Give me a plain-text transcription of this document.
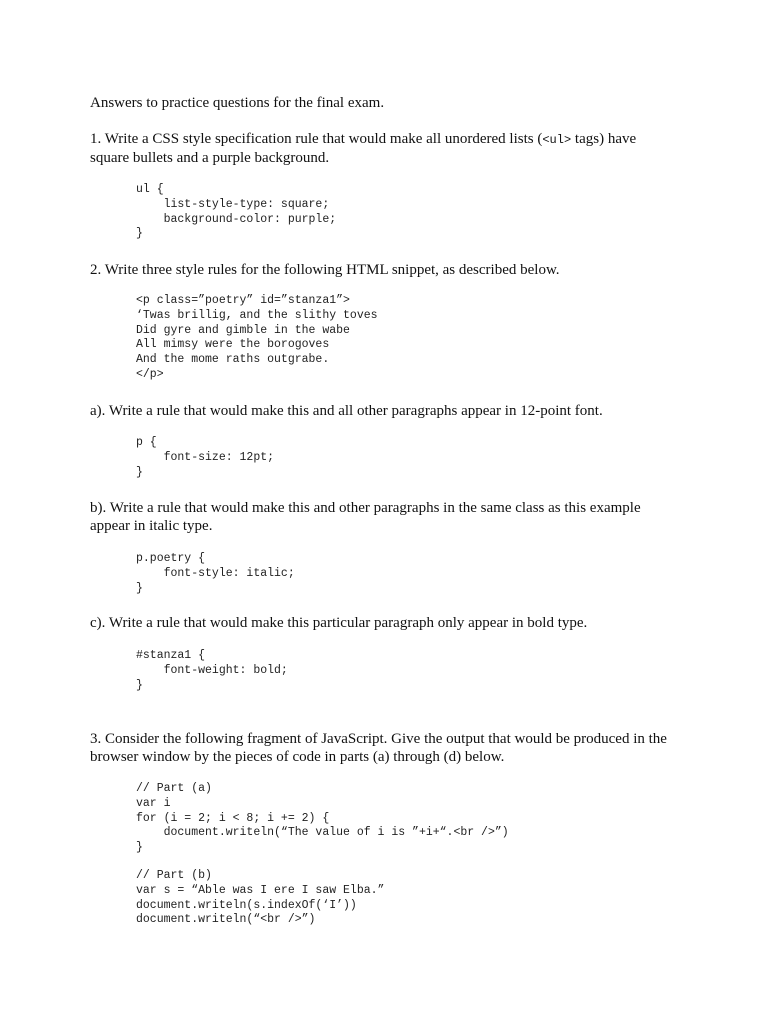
Answers to practice questions for the final exam.
1. Write a CSS style specification rule that would make all unordered lists (<ul> tags) have
square bullets and a purple background.
ul {
list-style-type: square;
background-color: purple;
}
2. Write three style rules for the following HTML snippet, as described below.
<p class=”poetry” id=”stanza1”>
‘Twas brillig, and the slithy toves
Did gyre and gimble in the wabe
All mimsy were the borogoves
And the mome raths outgrabe.
</p>
a). Write a rule that would make this and all other paragraphs appear in 12-point font.
p {
font-size: 12pt;
}
b). Write a rule that would make this and other paragraphs in the same class as this example
appear in italic type.
p.poetry {
font-style: italic;
}
c). Write a rule that would make this particular paragraph only appear in bold type.
#stanza1 {
font-weight: bold;
}
3. Consider the following fragment of JavaScript. Give the output that would be produced in the
browser window by the pieces of code in parts (a) through (d) below.
// Part (a)
var i
for (i = 2; i < 8; i += 2) {
document.writeln(“The value of i is ”+i+“.<br />”)
}
// Part (b)
var s = “Able was I ere I saw Elba.”
document.writeln(s.indexOf(‘I’))
document.writeln(“<br />”)
